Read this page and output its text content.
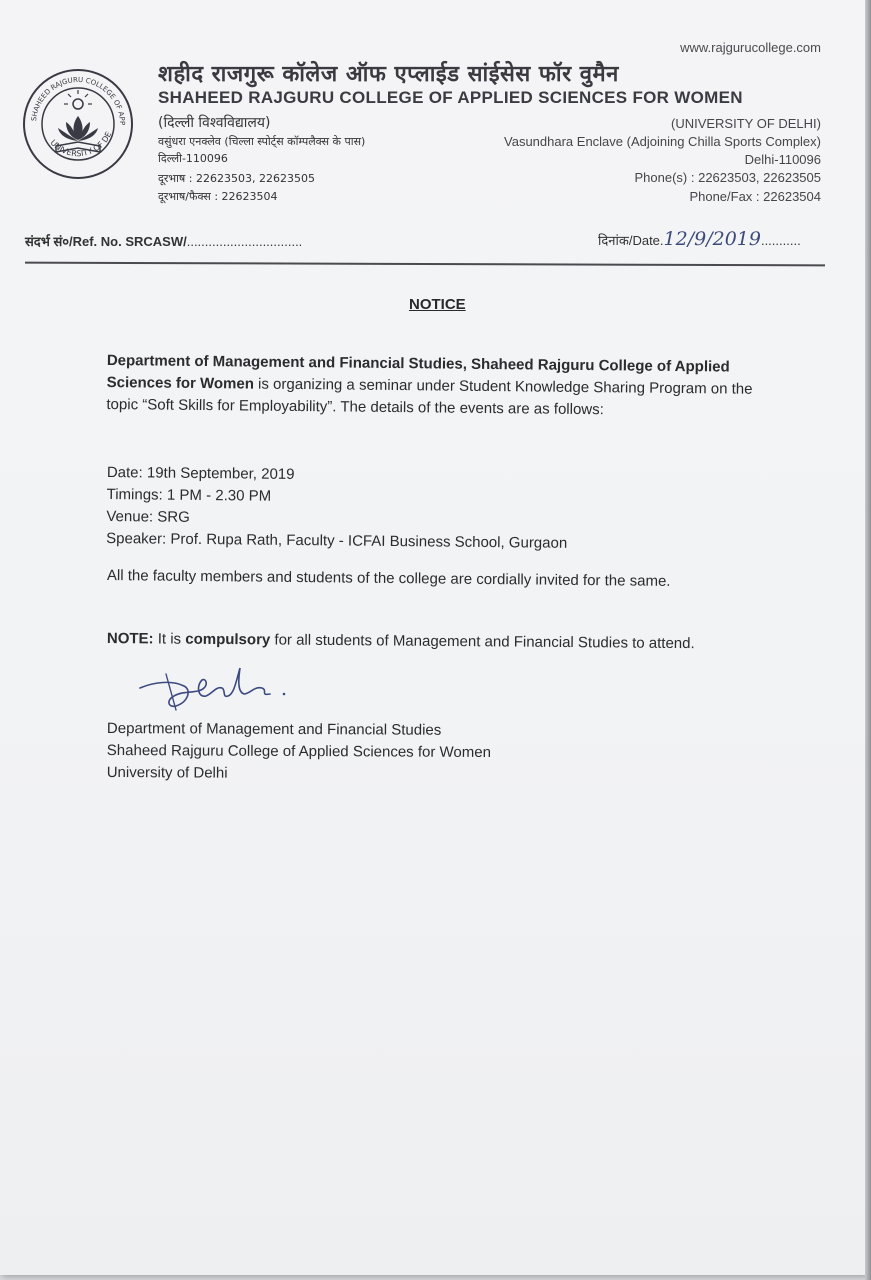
SHAHEED RAJGURU COLLEGE OF APP
UNIVERSITY OF DE
www.rajgurucollege.com
शहीद राजगुरू कॉलेज ऑफ एप्लाईड सांईसेस फॉर वुमैन
SHAHEED RAJGURU COLLEGE OF APPLIED SCIENCES FOR WOMEN
(दिल्ली विश्वविद्यालय)
वसुंधरा एनक्लेव (चिल्ला स्पोर्ट्स कॉम्पलैक्स के पास)
दिल्ली-110096
दूरभाष : 22623503, 22623505
दूरभाष/फैक्स : 22623504
(UNIVERSITY OF DELHI)
Vasundhara Enclave (Adjoining Chilla Sports Complex)
Delhi-110096
Phone(s) : 22623503, 22623505
Phone/Fax : 22623504
संदर्भ सं०/Ref. No. SRCASW/................................	दिनांक/Date.12/9/2019...........
NOTICE
Department of Management and Financial Studies, Shaheed Rajguru College of Applied Sciences for Women is organizing a seminar under Student Knowledge Sharing Program on the topic “Soft Skills for Employability”. The details of the events are as follows:
Date: 19th September, 2019
Timings: 1 PM - 2.30 PM
Venue: SRG
Speaker: Prof. Rupa Rath, Faculty - ICFAI Business School, Gurgaon
All the faculty members and students of the college are cordially invited for the same.
NOTE: It is compulsory for all students of Management and Financial Studies to attend.
Department of Management and Financial Studies
Shaheed Rajguru College of Applied Sciences for Women
University of Delhi
